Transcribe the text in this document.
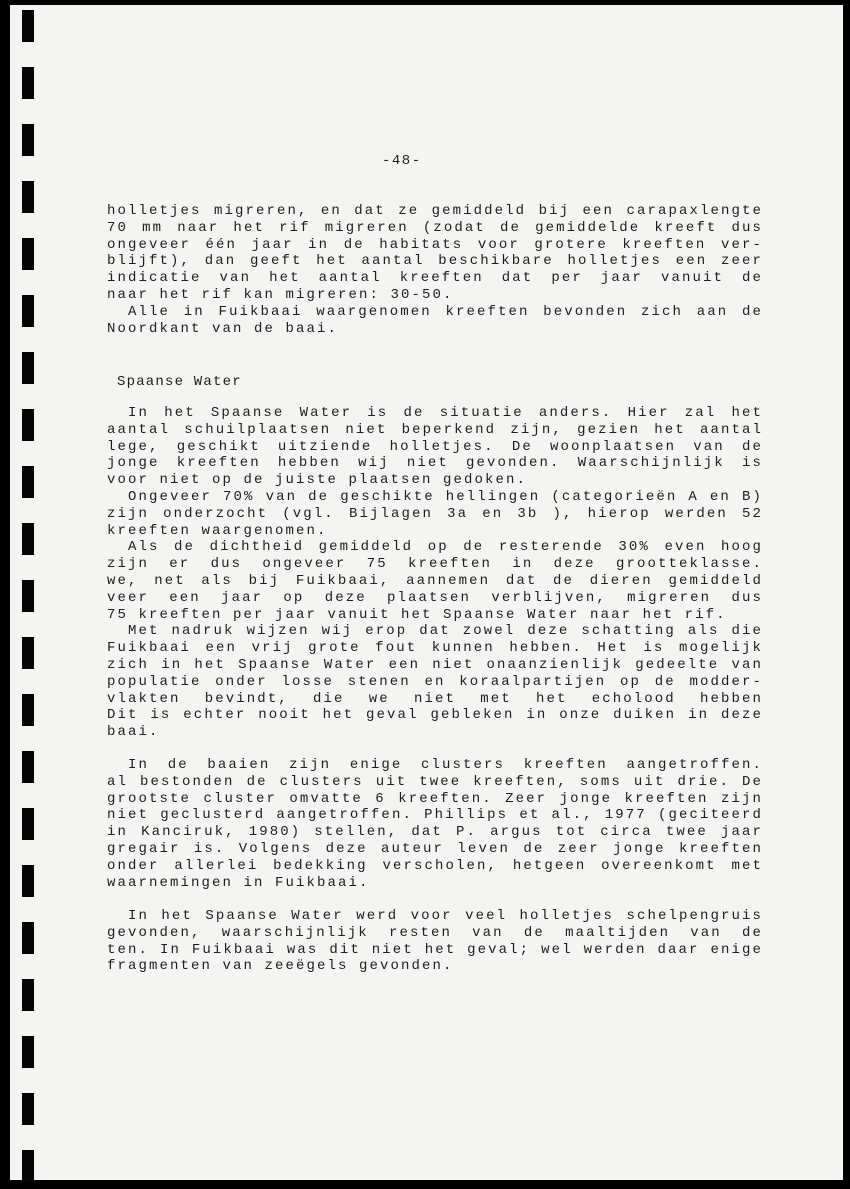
-48-
holletjes migreren, en dat ze gemiddeld bij een carapaxlengte
70 mm naar het rif migreren (zodat de gemiddelde kreeft dus
ongeveer één jaar in de habitats voor grotere kreeften ver-
blijft), dan geeft het aantal beschikbare holletjes een zeer
indicatie van het aantal kreeften dat per jaar vanuit de
naar het rif kan migreren: 30-50.
Alle in Fuikbaai waargenomen kreeften bevonden zich aan de
Noordkant van de baai.
Spaanse Water
In het Spaanse Water is de situatie anders. Hier zal het
aantal schuilplaatsen niet beperkend zijn, gezien het aantal
lege, geschikt uitziende holletjes. De woonplaatsen van de
jonge kreeften hebben wij niet gevonden. Waarschijnlijk is
voor niet op de juiste plaatsen gedoken.
Ongeveer 70% van de geschikte hellingen (categorieën A en B)
zijn onderzocht (vgl. Bijlagen 3a en 3b ), hierop werden 52
kreeften waargenomen.
Als de dichtheid gemiddeld op de resterende 30% even hoog
zijn er dus ongeveer 75 kreeften in deze grootteklasse.
we, net als bij Fuikbaai, aannemen dat de dieren gemiddeld
veer een jaar op deze plaatsen verblijven, migreren dus
75 kreeften per jaar vanuit het Spaanse Water naar het rif.
Met nadruk wijzen wij erop dat zowel deze schatting als die
Fuikbaai een vrij grote fout kunnen hebben. Het is mogelijk
zich in het Spaanse Water een niet onaanzienlijk gedeelte van
populatie onder losse stenen en koraalpartijen op de modder-
vlakten bevindt, die we niet met het echolood hebben
Dit is echter nooit het geval gebleken in onze duiken in deze
baai.
In de baaien zijn enige clusters kreeften aangetroffen.
al bestonden de clusters uit twee kreeften, soms uit drie. De
grootste cluster omvatte 6 kreeften. Zeer jonge kreeften zijn
niet geclusterd aangetroffen. Phillips et al., 1977 (geciteerd
in Kanciruk, 1980) stellen, dat P. argus tot circa twee jaar
gregair is. Volgens deze auteur leven de zeer jonge kreeften
onder allerlei bedekking verscholen, hetgeen overeenkomt met
waarnemingen in Fuikbaai.
In het Spaanse Water werd voor veel holletjes schelpengruis
gevonden, waarschijnlijk resten van de maaltijden van de
ten. In Fuikbaai was dit niet het geval; wel werden daar enige
fragmenten van zeeëgels gevonden.
